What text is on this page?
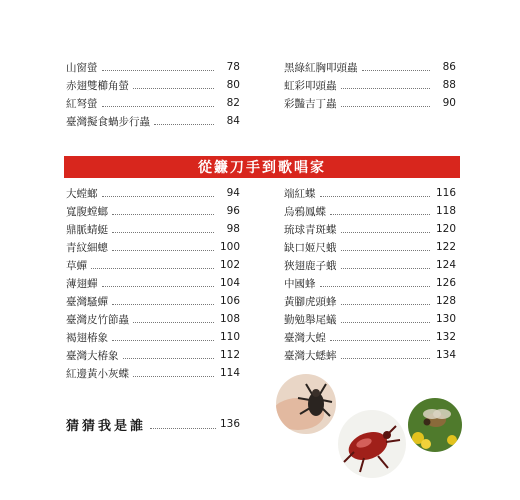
山窗螢	78
赤翅雙櫛角螢	80
紅弩螢	82
臺灣擬食蝸步行蟲	84
黑綠紅胸叩頭蟲	86
虹彩叩頭蟲	88
彩豔吉丁蟲	90
從鐮刀手到歌唱家
大螳螂	94
寬腹螳螂	96
鼎脈蜻蜓	98
青紋細蟌	100
草蟬	102
薄翅蟬	104
臺灣騷蟬	106
臺灣皮竹節蟲	108
褐翅椿象	110
臺灣大椿象	112
紅邊黃小灰蝶	114
端紅蝶	116
烏鴉鳳蝶	118
琉球青斑蝶	120
缺口姬尺蛾	122
狹翅鹿子蛾	124
中國蜂	126
黃腳虎頭蜂	128
勤勉舉尾蟻	130
臺灣大蝗	132
臺灣大蟋蟀	134
猜猜我是誰	136
